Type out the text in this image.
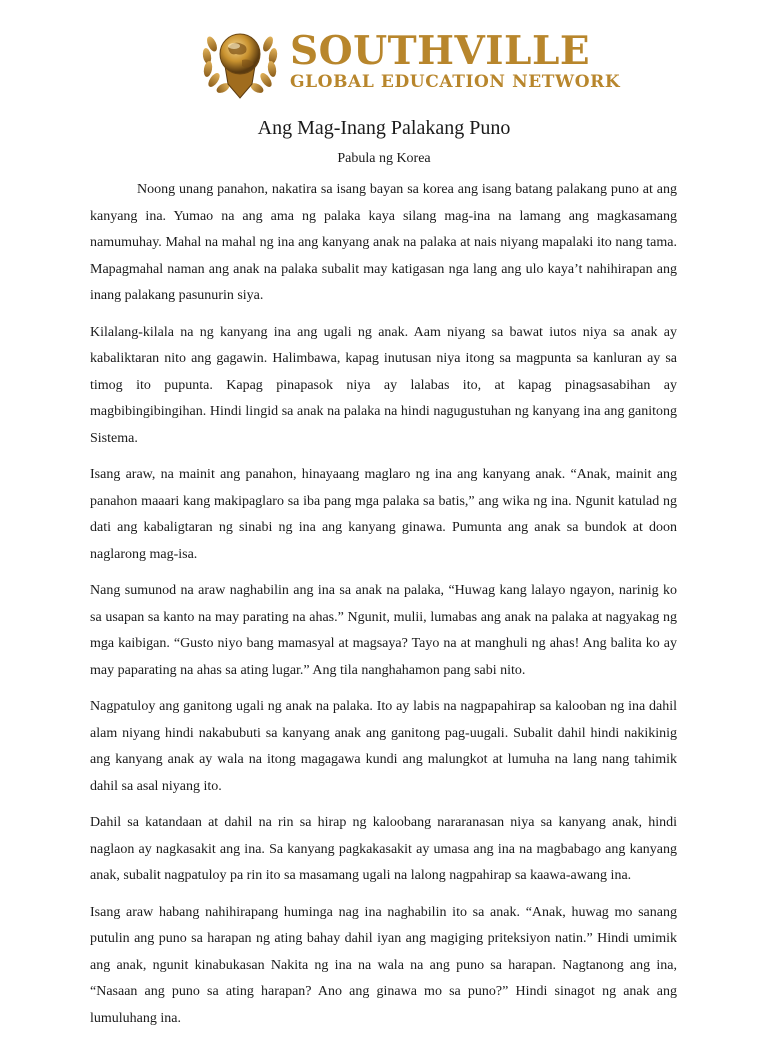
SOUTHVILLE
GLOBAL EDUCATION NETWORK
Ang Mag-Inang Palakang Puno
Pabula ng Korea

Noong unang panahon, nakatira sa isang bayan sa korea ang isang batang palakang puno at ang kanyang ina. Yumao na ang ama ng palaka kaya silang mag-ina na lamang ang magkasamang namumuhay. Mahal na mahal ng ina ang kanyang anak na palaka at nais niyang mapalaki ito nang tama. Mapagmahal naman ang anak na palaka subalit may katigasan nga lang ang ulo kaya’t nahihirapan ang inang palakang pasunurin siya.

Kilalang-kilala na ng kanyang ina ang ugali ng anak. Aam niyang sa bawat iutos niya sa anak ay kabaliktaran nito ang gagawin. Halimbawa, kapag inutusan niya itong sa magpunta sa kanluran ay sa timog ito pupunta. Kapag pinapasok niya ay lalabas ito, at kapag pinagsasabihan ay magbibingibingihan. Hindi lingid sa anak na palaka na hindi nagugustuhan ng kanyang ina ang ganitong Sistema.

Isang araw, na mainit ang panahon, hinayaang maglaro ng ina ang kanyang anak. “Anak, mainit ang panahon maaari kang makipaglaro sa iba pang mga palaka sa batis,” ang wika ng ina. Ngunit katulad ng dati ang kabaligtaran ng sinabi ng ina ang kanyang ginawa. Pumunta ang anak sa bundok at doon naglarong mag-isa.

Nang sumunod na araw naghabilin ang ina sa anak na palaka, “Huwag kang lalayo ngayon, narinig ko sa usapan sa kanto na may parating na ahas.” Ngunit, mulii, lumabas ang anak na palaka at nagyakag ng mga kaibigan. “Gusto niyo bang mamasyal at magsaya? Tayo na at manghuli ng ahas! Ang balita ko ay may paparating na ahas sa ating lugar.” Ang tila nanghahamon pang sabi nito.

Nagpatuloy ang ganitong ugali ng anak na palaka. Ito ay labis na nagpapahirap sa kalooban ng ina dahil alam niyang hindi nakabubuti sa kanyang anak ang ganitong pag-uugali. Subalit dahil hindi nakikinig ang kanyang anak ay wala na itong magagawa kundi ang malungkot at lumuha na lang nang tahimik dahil sa asal niyang ito.

Dahil sa katandaan at dahil na rin sa hirap ng kaloobang nararanasan niya sa kanyang anak, hindi naglaon ay nagkasakit ang ina. Sa kanyang pagkakasakit ay umasa ang ina na magbabago ang kanyang anak, subalit nagpatuloy pa rin ito sa masamang ugali na lalong nagpahirap sa kaawa-awang ina.

Isang araw habang nahihirapang huminga nag ina naghabilin ito sa anak. “Anak, huwag mo sanang putulin ang puno sa harapan ng ating bahay dahil iyan ang magiging priteksiyon natin.” Hindi umimik ang anak, ngunit kinabukasan Nakita ng ina na wala na ang puno sa harapan. Nagtanong ang ina, “Nasaan ang puno sa ating harapan? Ano ang ginawa mo sa puno?” Hindi sinagot ng anak ang lumuluhang ina.
